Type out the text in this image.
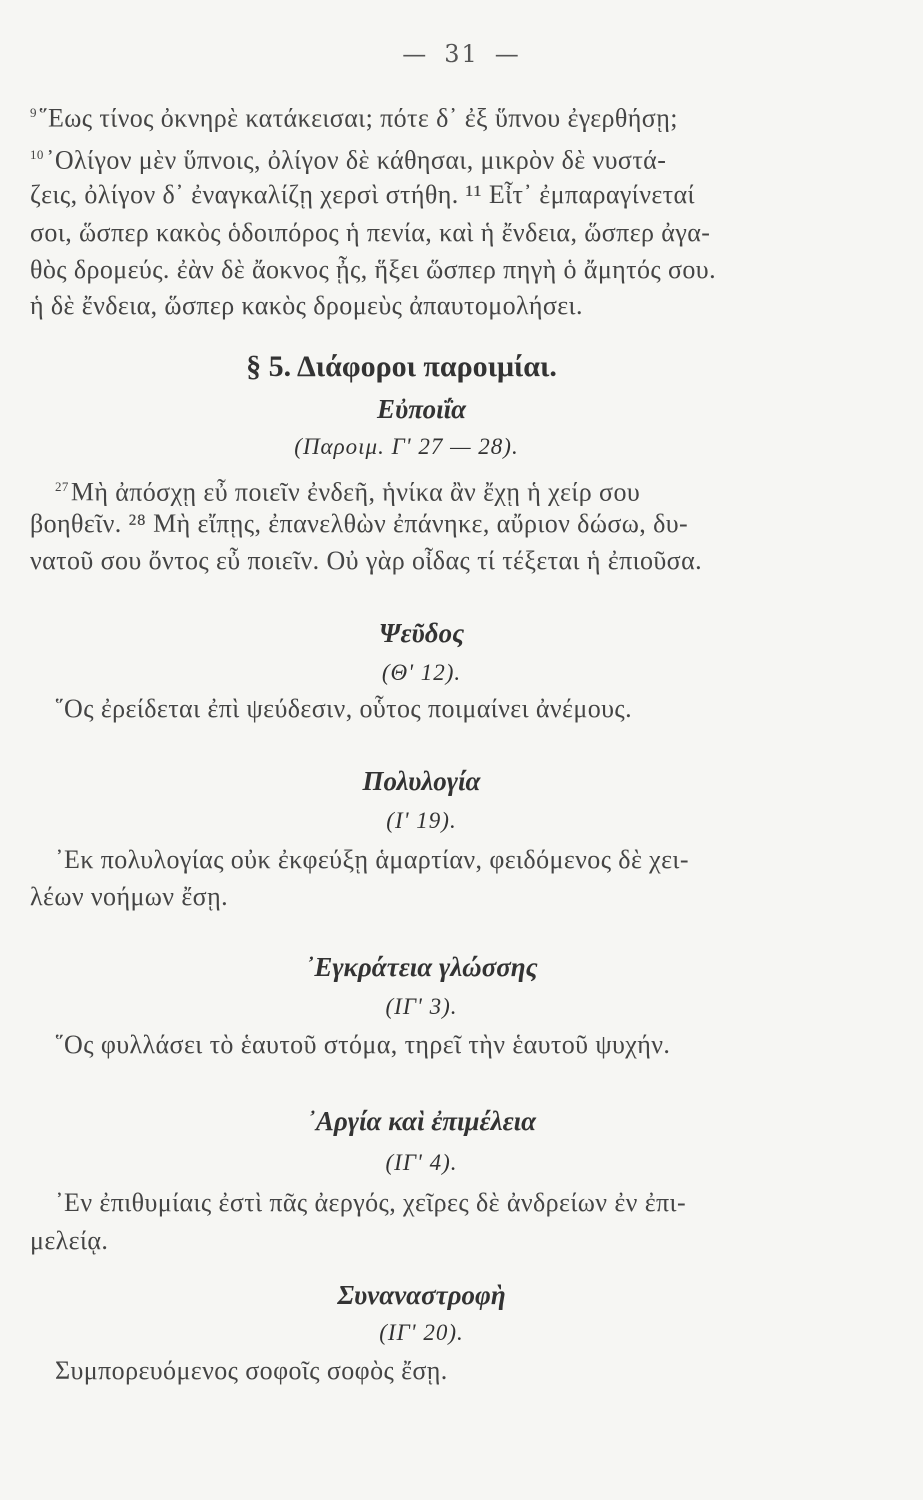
— 31 —
$^9$῞Εως τίνος ὀκνηρὲ κατάκεισαι; πότε δ᾽ ἐξ ὕπνου ἐγερθήσῃ;
$^{10}$᾽Ολίγον μὲν ὕπνοις, ὀλίγον δὲ κάθησαι, μικρὸν δὲ νυστά-
ζεις, ὀλίγον δ᾽ ἐναγκαλίζῃ χερσὶ στήθη. ¹¹ Εἶτ᾽ ἐμπαραγίνεταί
σοι, ὥσπερ κακὸς ὁδοιπόρος ἡ πενία, καὶ ἡ ἔνδεια, ὥσπερ ἀγα-
θὸς δρομεύς. ἐὰν δὲ ἄοκνος ᾖς, ἥξει ὥσπερ πηγὴ ὁ ἄμητός σου.
ἡ δὲ ἔνδεια, ὥσπερ κακὸς δρομεὺς ἀπαυτομολήσει.
§ 5. Διάφοροι παροιμίαι.
Εὐποιΐα
(Παροιμ. Γ' 27 — 28).
$^{27}$Μὴ ἀπόσχῃ εὖ ποιεῖν ἐνδεῆ, ἡνίκα ἂν ἔχῃ ἡ χείρ σου
βοηθεῖν. ²⁸ Μὴ εἴπῃς, ἐπανελθὼν ἐπάνηκε, αὔριον δώσω, δυ-
νατοῦ σου ὄντος εὖ ποιεῖν. Οὐ γὰρ οἶδας τί τέξεται ἡ ἐπιοῦσα.
Ψεῦδος
(Θ' 12).
῞Ος ἐρείδεται ἐπὶ ψεύδεσιν, οὗτος ποιμαίνει ἀνέμους.
Πολυλογία
(Ι' 19).
᾽Εκ πολυλογίας οὐκ ἐκφεύξῃ ἁμαρτίαν, φειδόμενος δὲ χει-
λέων νοήμων ἔσῃ.
᾽Εγκράτεια γλώσσης
(ΙΓ' 3).
῞Ος φυλλάσει τὸ ἑαυτοῦ στόμα, τηρεῖ τὴν ἑαυτοῦ ψυχήν.
᾽Αργία καὶ ἐπιμέλεια
(ΙΓ' 4).
᾽Εν ἐπιθυμίαις ἐστὶ πᾶς ἀεργός, χεῖρες δὲ ἀνδρείων ἐν ἐπι-
μελείᾳ.
Συναναστροφὴ
(ΙΓ' 20).
Συμπορευόμενος σοφοῖς σοφὸς ἔσῃ.
